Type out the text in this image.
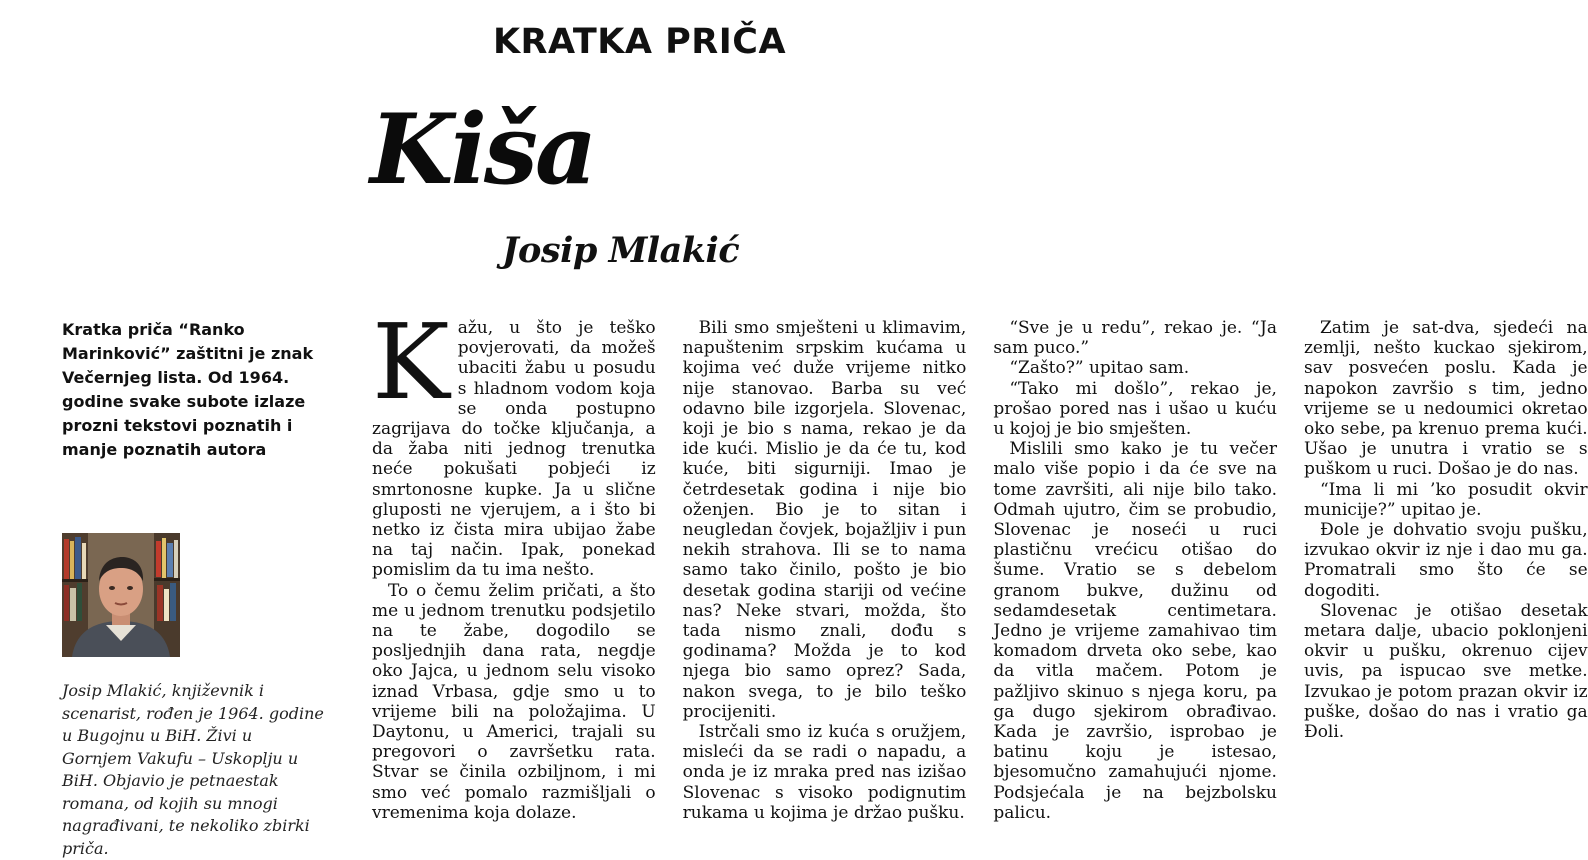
KRATKA PRIČA
Kiša
Josip Mlakić
Kratka priča “Ranko Marinković” zaštitni je znak Večernjeg lista. Od 1964. godine svake subote izlaze prozni tekstovi poznatih i manje poznatih autora
Josip Mlakić, književnik i scenarist, rođen je 1964. godine u Bugojnu u BiH. Živi u Gornjem Vakufu – Uskoplju u BiH. Objavio je petnaestak romana, od kojih su mnogi nagrađivani, te nekoliko zbirki priča.

Kažu, u što je teško povjerovati, da možeš ubaciti žabu u posudu s hladnom vodom koja se onda postupno zagrijava do točke ključanja, a da žaba niti jednog trenutka neće pokušati pobjeći iz smrtonosne kupke. Ja u slične gluposti ne vjerujem, a i što bi netko iz čista mira ubijao žabe na taj način. Ipak, ponekad pomislim da tu ima nešto.

To o čemu želim pričati, a što me u jednom trenutku podsjetilo na te žabe, dogodilo se posljednjih dana rata, negdje oko Jajca, u jednom selu visoko iznad Vrbasa, gdje smo u to vrijeme bili na položajima. U Daytonu, u Americi, trajali su pregovori o završetku rata. Stvar se činila ozbiljnom, i mi smo već pomalo razmišljali o vremenima koja dolaze.

Bili smo smješteni u klimavim, napuštenim srpskim kućama u kojima već duže vrijeme nitko nije stanovao. Barba su već odavno bile izgorjela. Slovenac, koji je bio s nama, rekao je da ide kući. Mislio je da će tu, kod kuće, biti sigurniji. Imao je četrdesetak godina i nije bio oženjen. Bio je to sitan i neugledan čovjek, bojažljiv i pun nekih strahova. Ili se to nama samo tako činilo, pošto je bio desetak godina stariji od većine nas? Neke stvari, možda, što tada nismo znali, dođu s godinama? Možda je to kod njega bio samo oprez? Sada, nakon svega, to je bilo teško procijeniti.

Istrčali smo iz kuća s oružjem, misleći da se radi o napadu, a onda je iz mraka pred nas izišao Slovenac s visoko podignutim rukama u kojima je držao pušku.

“Sve je u redu”, rekao je. “Ja sam puco.”

“Zašto?” upitao sam.

“Tako mi došlo”, rekao je, prošao pored nas i ušao u kuću u kojoj je bio smješten.

Mislili smo kako je tu večer malo više popio i da će sve na tome završiti, ali nije bilo tako. Odmah ujutro, čim se probudio, Slovenac je noseći u ruci plastičnu vrećicu otišao do šume. Vratio se s debelom granom bukve, dužinu od sedamdesetak centimetara. Jedno je vrijeme zamahivao tim komadom drveta oko sebe, kao da vitla mačem. Potom je pažljivo skinuo s njega koru, pa ga dugo sjekirom obrađivao. Kada je završio, isprobao je batinu koju je istesao, bjesomučno zamahujući njome. Podsjećala je na bejzbolsku palicu.

Zatim je sat-dva, sjedeći na zemlji, nešto kuckao sjekirom, sav posvećen poslu. Kada je napokon završio s tim, jedno vrijeme se u nedoumici okretao oko sebe, pa krenuo prema kući. Ušao je unutra i vratio se s puškom u ruci. Došao je do nas.

“Ima li mi ’ko posudit okvir municije?” upitao je.

Đole je dohvatio svoju pušku, izvukao okvir iz nje i dao mu ga. Promatrali smo što će se dogoditi.

Slovenac je otišao desetak metara dalje, ubacio poklonjeni okvir u pušku, okrenuo cijev uvis, pa ispucao sve metke. Izvukao je potom prazan okvir iz puške, došao do nas i vratio ga Đoli.
